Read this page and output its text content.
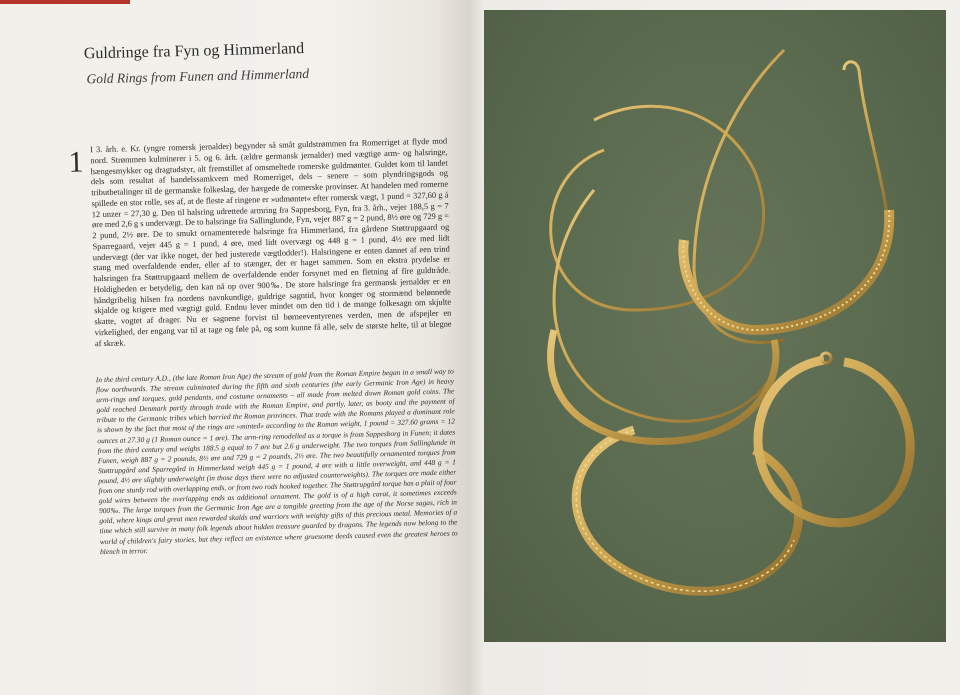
Guldringe fra Fyn og Himmerland
Gold Rings from Funen and Himmerland
1

I 3. årh. e. Kr. (yngre romersk jernalder) begynder så småt guldstrømmen fra Romerriget at flyde mod nord. Strømmen kulminerer i 5. og 6. årh. (ældre germansk jernalder) med vægtige arm- og halsringe, hængesmykker og dragtudstyr, alt fremstillet af omsmeltede romerske guldmønter. Guldet kom til landet dels som resultat af handelssamkvem med Romerriget, dels – senere – som plyndringsgods og tributbetalinger til de germanske folkeslag, der hærgede de romerske provinser. At handelen med romerne spillede en stor rolle, ses af, at de fleste af ringene er »udmøntet« efter romersk vægt, 1 pund = 327,60 g á 12 unzer = 27,30 g. Den til halsring udrettede armring fra Sappesborg, Fyn, fra 3. årh., vejer 188,5 g = 7 øre med 2,6 g s undervægt. De to halsringe fra Sallinglunde, Fyn, vejer 887 g = 2 pund, 8½ øre og 729 g = 2 pund, 2½ øre. De to smukt ornamenterede halsringe fra Himmerland, fra gårdene Støttrupgaard og Sparregaard, vejer 445 g = 1 pund, 4 øre, med lidt overvægt og 448 g = 1 pund, 4½ øre med lidt undervægt (der var ikke noget, der hed justerede vægtlodder!). Halsringene er enten dannet af een trind stang med overfaldende ender, eller af to stænger, der er haget sammen. Som en ekstra prydelse er halsringen fra Støttrupgaard mellem de overfaldende ender forsynet med en fletning af fire guldtråde. Holdigheden er betydelig, den kan nå op over 900‰. De store halsringe fra germansk jernalder er en håndgribelig hilsen fra nordens navnkundige, guldrige sagntid, hvor konger og stormænd belønnede skjalde og krigere med vægtigt guld. Endnu lever mindet om den tid i de mange folkesagn om skjulte skatte, vogtet af drager. Nu er sagnene forvist til børneeventyrenes verden, men de afspejler en virkelighed, der engang var til at tage og føle på, og som kunne få alle, selv de største helte, til at blegne af skræk.

In the third century A.D., (the late Roman Iron Age) the stream of gold from the Roman Empire began in a small way to flow northwards. The stream culminated during the fifth and sixth centuries (the early Germanic Iron Age) in heavy arm-rings and torques, gold pendants, and costume ornaments – all made from melted down Roman gold coins. The gold reached Denmark partly through trade with the Roman Empire, and partly, later, as booty and the payment of tribute to the Germanic tribes which harried the Roman provinces. That trade with the Romans played a dominant role is shown by the fact that most of the rings are »minted« according to the Roman weight, 1 pound = 327.60 grams = 12 ounces at 27.30 g (1 Roman ounce = 1 øre). The arm-ring remodelled as a torque is from Sappesborg in Funen; it dates from the third century and weighs 188.5 g equal to 7 øre but 2.6 g underweight. The two torques from Sallinglunde in Funen, weigh 887 g = 2 pounds, 8½ øre and 729 g = 2 pounds, 2½ øre. The two beautifully ornamented torques from Støttrupgård and Sparregård in Himmerland weigh 445 g = 1 pound, 4 øre with a little overweight, and 448 g = 1 pound, 4½ øre slightly underweight (in those days there were no adjusted counterweights). The torques are made either from one sturdy rod with overlapping ends, or from two rods hooked together. The Støttrupgård torque has a plait of four gold wires between the overlapping ends as additional ornament. The gold is of a high carat, it sometimes exceeds 900‰. The large torques from the Germanic Iron Age are a tangible greeting from the age of the Norse sagas, rich in gold, where kings and great men rewarded skalds and warriors with weighty gifts of this precious metal. Memories of a time which still survive in many folk legends about hidden treasure guarded by dragons. The legends now belong to the world of children's fairy stories, but they reflect an existence where gruesome deeds caused even the greatest heroes to blench in terror.
